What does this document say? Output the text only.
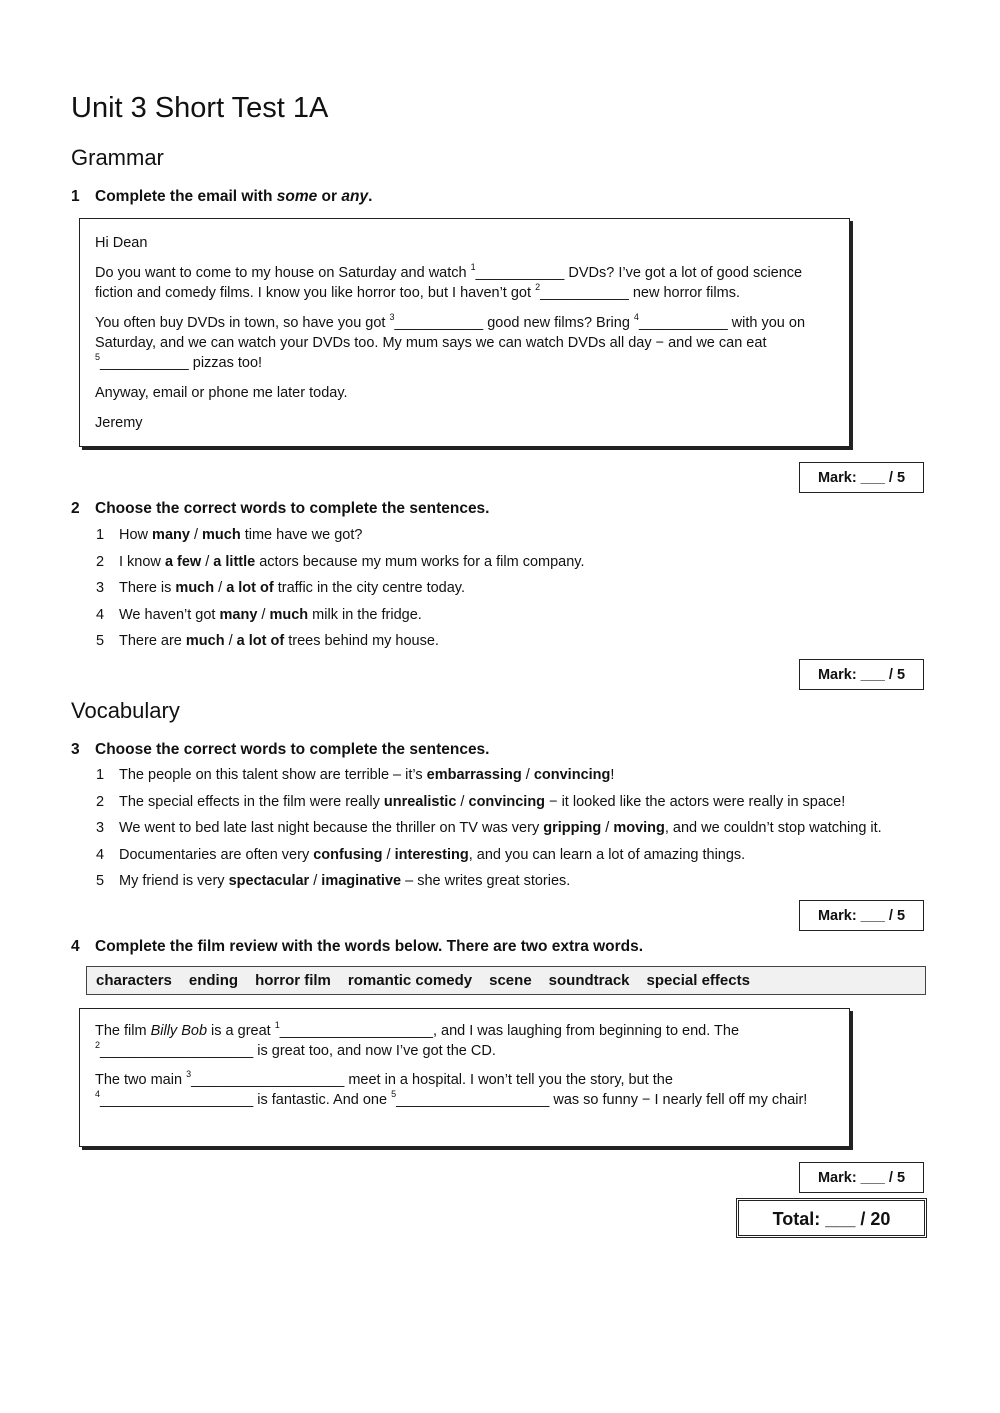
Unit 3 Short Test 1A
Grammar
1 Complete the email with some or any.

Hi Dean

Do you want to come to my house on Saturday and watch $^1$___________ DVDs? I’ve got a lot of good science fiction and comedy films. I know you like horror too, but I haven’t got $^2$___________ new horror films.

You often buy DVDs in town, so have you got $^3$___________ good new films? Bring $^4$___________ with you on Saturday, and we can watch your DVDs too. My mum says we can watch DVDs all day − and we can eat $^5$___________ pizzas too!

Anyway, email or phone me later today.

Jeremy

Mark: ___ / 5
2 Choose the correct words to complete the sentences.
1 How many / much time have we got?
2 I know a few / a little actors because my mum works for a film company.
3 There is much / a lot of traffic in the city centre today.
4 We haven’t got many / much milk in the fridge.
5 There are much / a lot of trees behind my house.
Mark: ___ / 5
Vocabulary
3 Choose the correct words to complete the sentences.
1 The people on this talent show are terrible – it’s embarrassing / convincing!
2 The special effects in the film were really unrealistic / convincing − it looked like the actors were really in space!
3 We went to bed late last night because the thriller on TV was very gripping / moving, and we couldn’t stop watching it.
4 Documentaries are often very confusing / interesting, and you can learn a lot of amazing things.
5 My friend is very spectacular / imaginative – she writes great stories.
Mark: ___ / 5
4 Complete the film review with the words below. There are two extra words.
characters ending horror film romantic comedy scene soundtrack special effects

The film Billy Bob is a great $^1$___________________, and I was laughing from beginning to end. The $^2$___________________ is great too, and now I’ve got the CD.

The two main $^3$___________________ meet in a hospital. I won’t tell you the story, but the $^4$___________________ is fantastic. And one $^5$___________________ was so funny − I nearly fell off my chair!

Mark: ___ / 5
Total: ___ / 20
